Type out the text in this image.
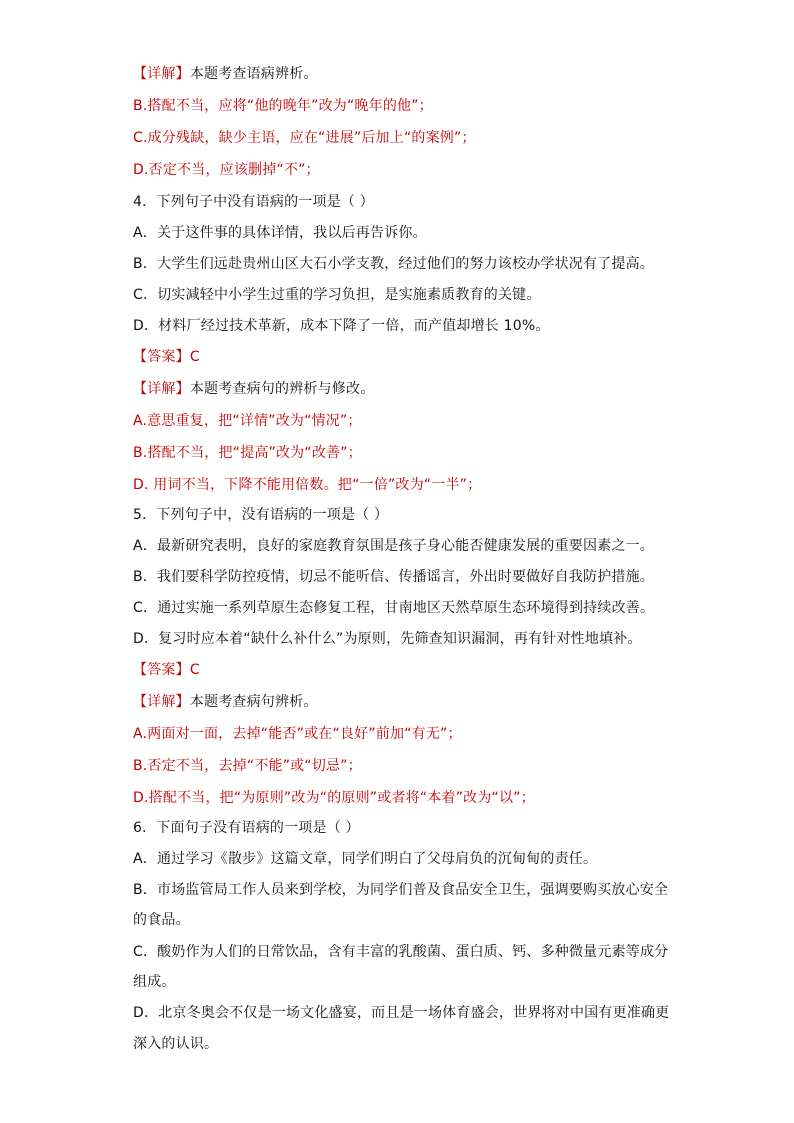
【详解】本题考查语病辨析。
B.搭配不当，应将“他的晚年”改为“晚年的他”；
C.成分残缺，缺少主语，应在“进展”后加上“的案例”；
D.否定不当，应该删掉“不”；
4．下列句子中没有语病的一项是（ ）
A．关于这件事的具体详情，我以后再告诉你。
B．大学生们远赴贵州山区大石小学支教，经过他们的努力该校办学状况有了提高。
C．切实减轻中小学生过重的学习负担，是实施素质教育的关键。
D．材料厂经过技术革新，成本下降了一倍，而产值却增长 10%。
【答案】C
【详解】本题考查病句的辨析与修改。
A.意思重复，把“详情”改为“情况”；
B.搭配不当，把“提高”改为“改善”；
D. 用词不当，下降不能用倍数。把“一倍”改为“一半”；
5．下列句子中，没有语病的一项是（ ）
A．最新研究表明，良好的家庭教育氛围是孩子身心能否健康发展的重要因素之一。
B．我们要科学防控疫情，切忌不能听信、传播谣言，外出时要做好自我防护措施。
C．通过实施一系列草原生态修复工程，甘南地区天然草原生态环境得到持续改善。
D．复习时应本着“缺什么补什么”为原则，先筛查知识漏洞，再有针对性地填补。
【答案】C
【详解】本题考查病句辨析。
A.两面对一面，去掉“能否”或在“良好”前加“有无”；
B.否定不当，去掉“不能”或“切忌”；
D.搭配不当，把“为原则”改为“的原则”或者将“本着”改为“以”；
6．下面句子没有语病的一项是（ ）
A．通过学习《散步》这篇文章，同学们明白了父母肩负的沉甸甸的责任。
B．市场监管局工作人员来到学校，为同学们普及食品安全卫生，强调要购买放心安全
的食品。
C．酸奶作为人们的日常饮品，含有丰富的乳酸菌、蛋白质、钙、多种微量元素等成分
组成。
D．北京冬奥会不仅是一场文化盛宴，而且是一场体育盛会，世界将对中国有更准确更
深入的认识。
